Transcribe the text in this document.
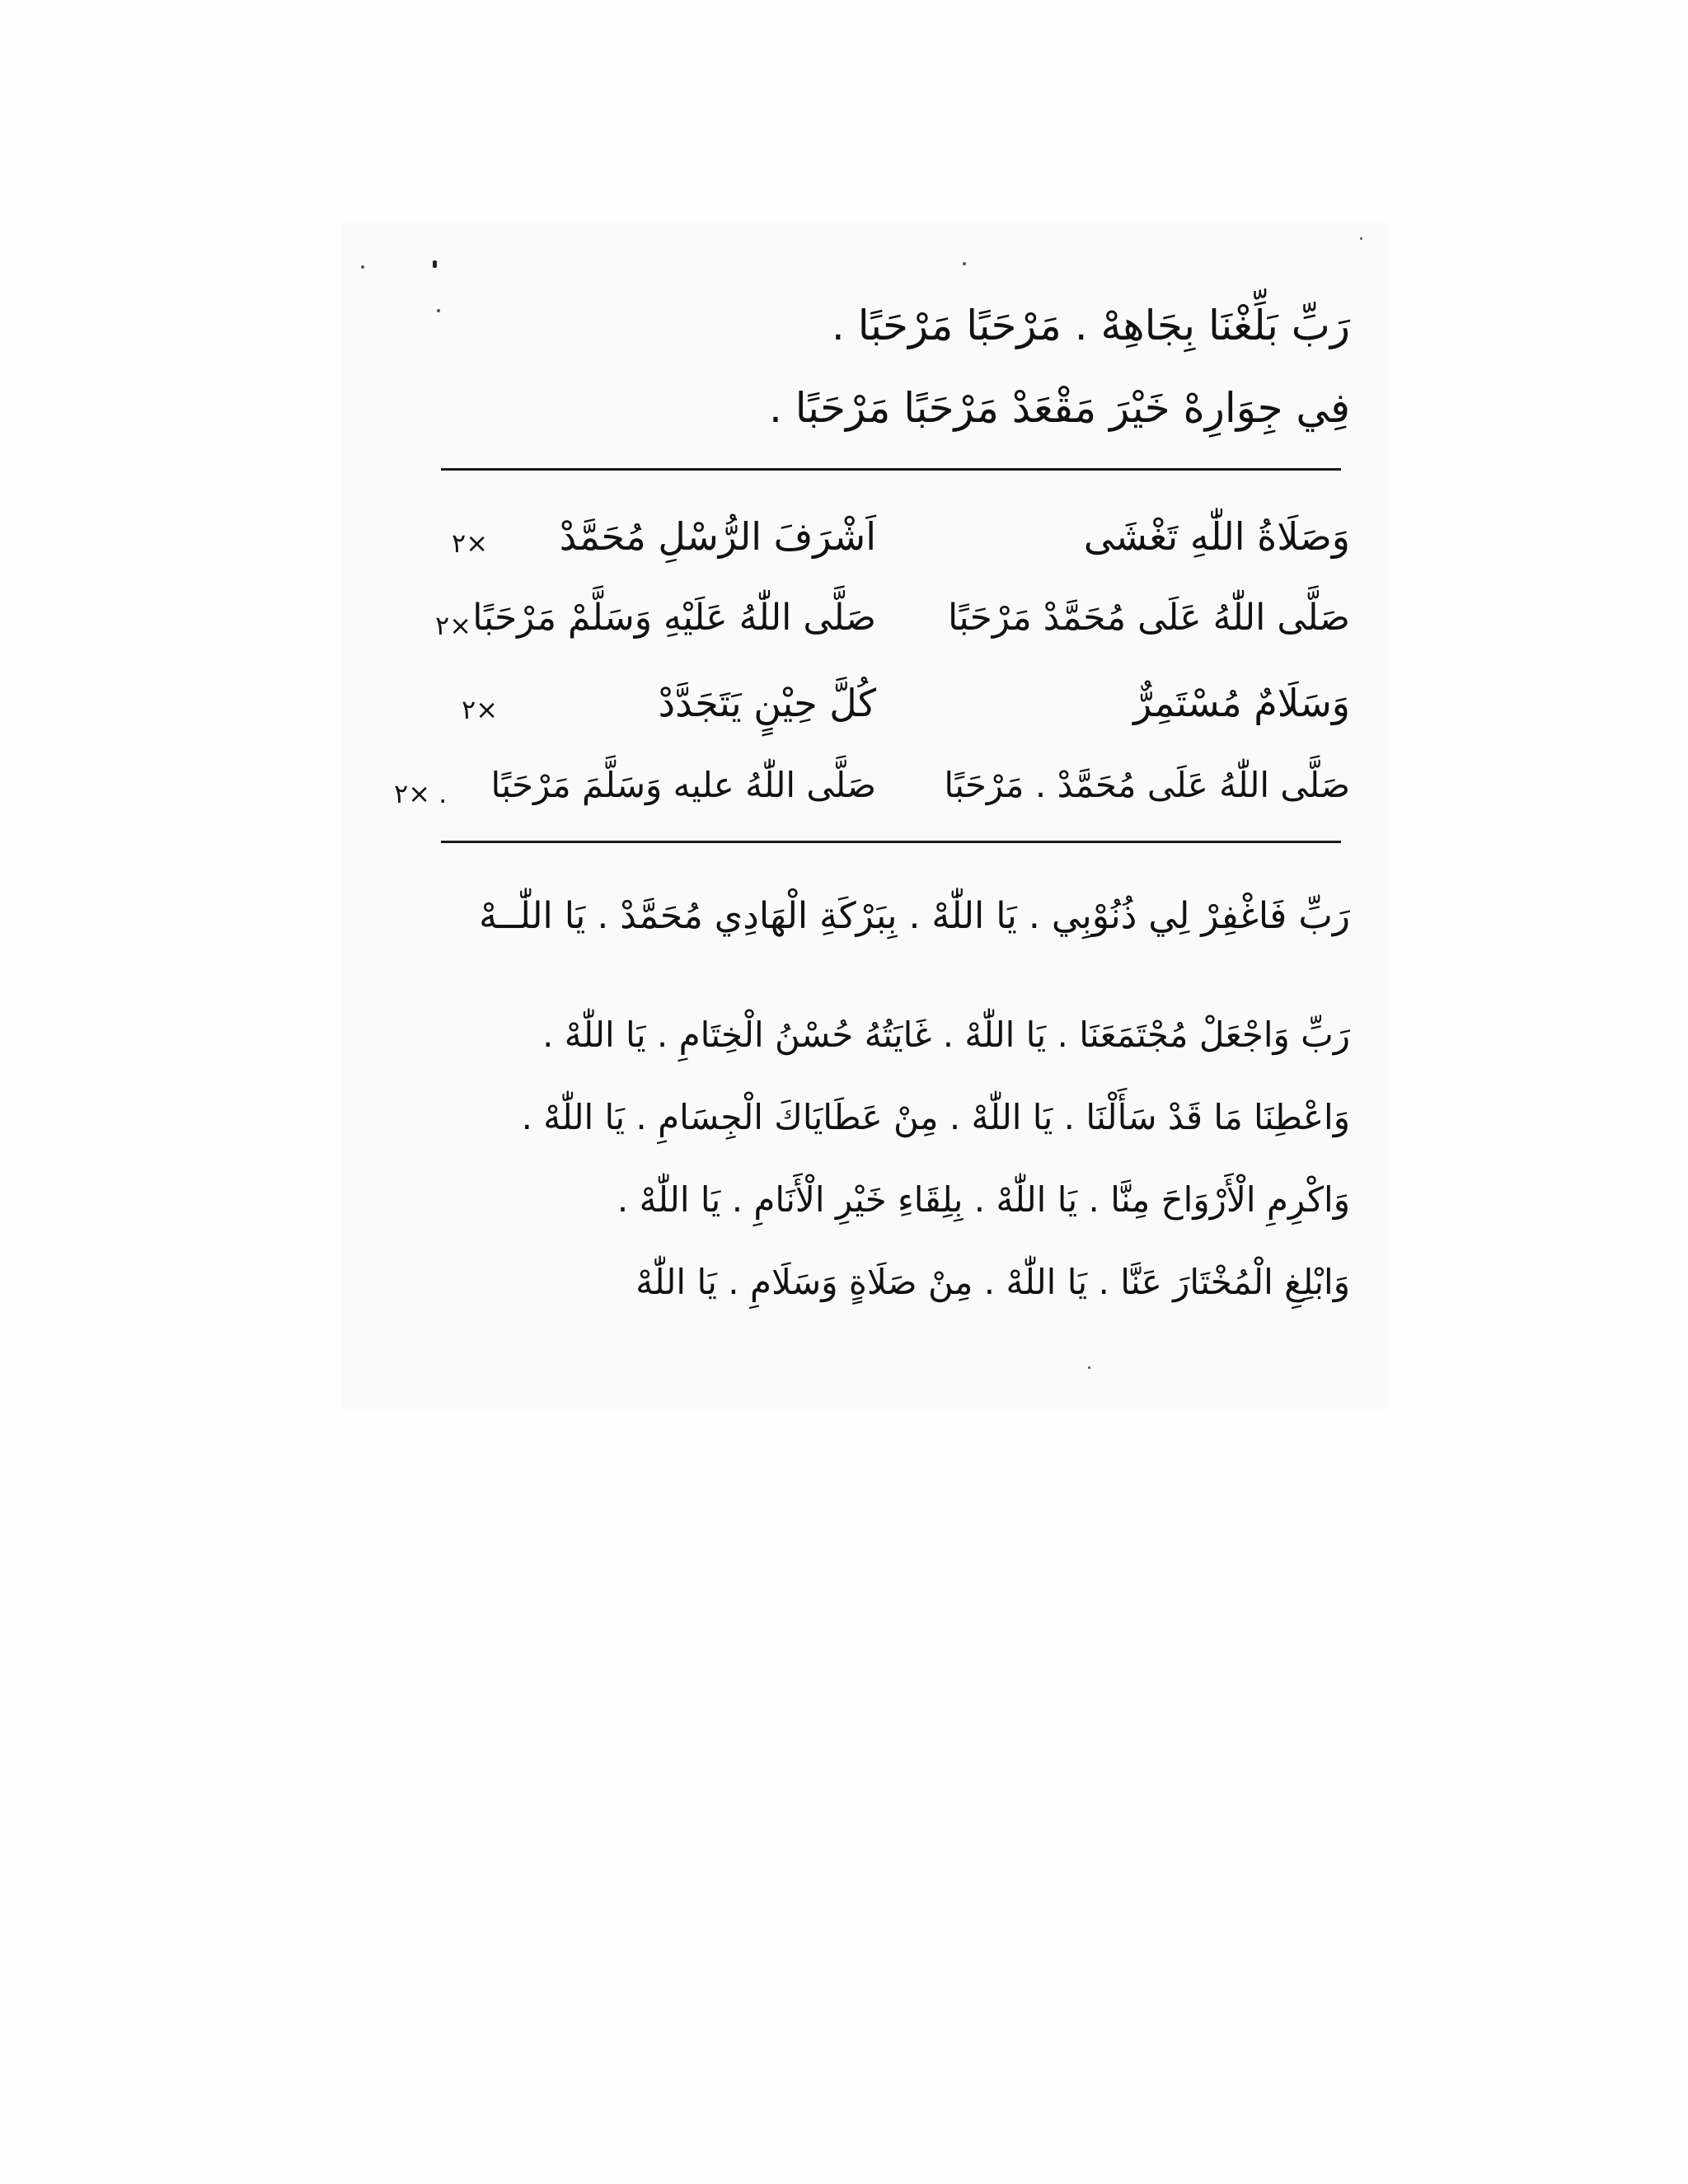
رَبِّ بَلِّغْنَا بِجَاهِهْ . مَرْحَبًا مَرْحَبًا .
فِي جِوَارِهْ خَيْرَ مَقْعَدْ مَرْحَبًا مَرْحَبًا .
وَصَلَاةُ اللّٰهِ تَغْشَى
اَشْرَفَ الرُّسْلِ مُحَمَّدْ
٢×
صَلَّى اللّٰهُ عَلَى مُحَمَّدْ مَرْحَبًا
صَلَّى اللّٰهُ عَلَيْهِ وَسَلَّمْ مَرْحَبًا
٢×
وَسَلَامٌ مُسْتَمِرٌّ
كُلَّ حِيْنٍ يَتَجَدَّدْ
٢×
صَلَّى اللّٰهُ عَلَى مُحَمَّدْ . مَرْحَبًا
صَلَّى اللّٰهُ عليه وَسَلَّمَ مَرْحَبًا
٢× .
رَبِّ فَاغْفِرْ لِي ذُنُوْبِي . يَا اللّٰهْ . بِبَرْكَةِ الْهَادِي مُحَمَّدْ . يَا اللّٰــهْ
رَبِّ وَاجْعَلْ مُجْتَمَعَنَا . يَا اللّٰهْ . غَايَتُهُ حُسْنُ الْخِتَامِ . يَا اللّٰهْ .
وَاعْطِنَا مَا قَدْ سَأَلْنَا . يَا اللّٰهْ . مِنْ عَطَايَاكَ الْجِسَامِ . يَا اللّٰهْ .
وَاكْرِمِ الْأَرْوَاحَ مِنَّا . يَا اللّٰهْ . بِلِقَاءِ خَيْرِ الْأَنَامِ . يَا اللّٰهْ .
وَابْلِغِ الْمُخْتَارَ عَنَّا . يَا اللّٰهْ . مِنْ صَلَاةٍ وَسَلَامِ . يَا اللّٰهْ
